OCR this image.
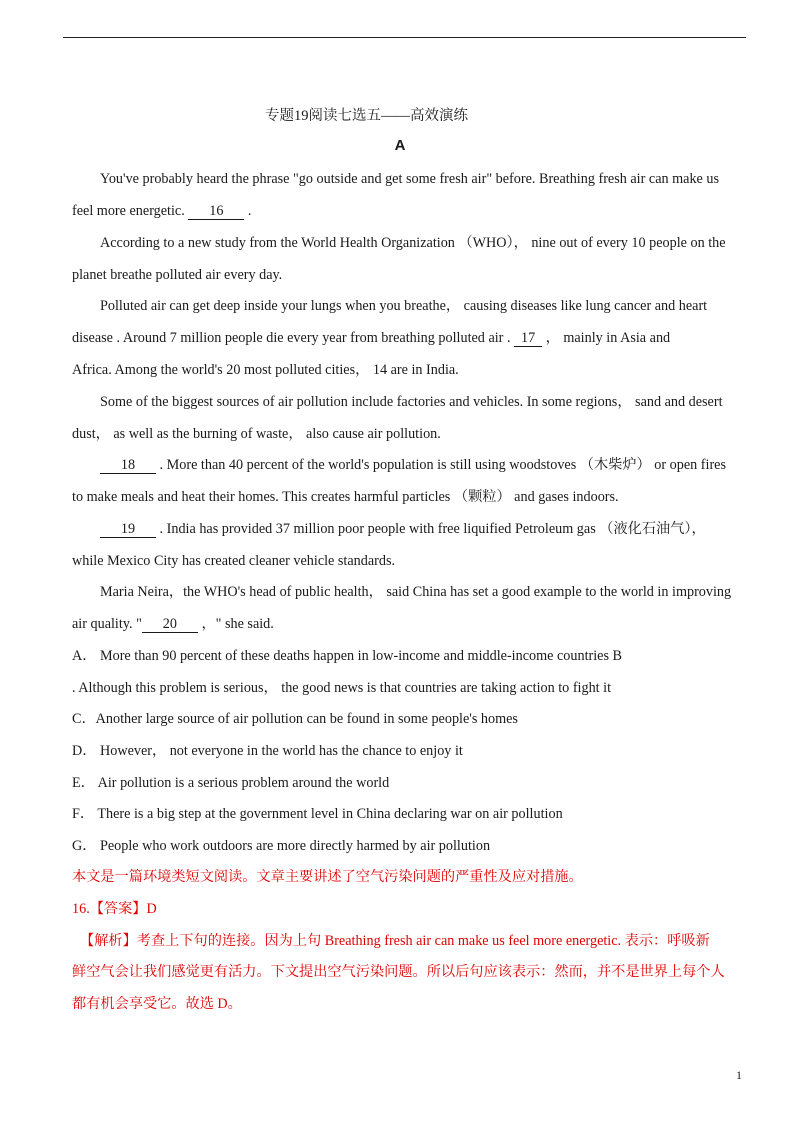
专题19阅读七选五——高效演练
A
You've probably heard the phrase "go outside and get some fresh air" before. Breathing fresh air can make us
feel more energetic. 16 .
According to a new study from the World Health Organization （WHO）， nine out of every 10 people on the
planet breathe polluted air every day.
Polluted air can get deep inside your lungs when you breathe， causing diseases like lung cancer and heart
disease . Around 7 million people die every year from breathing polluted air . 17 ， mainly in Asia and
Africa. Among the world's 20 most polluted cities， 14 are in India.
Some of the biggest sources of air pollution include factories and vehicles. In some regions， sand and desert
dust， as well as the burning of waste， also cause air pollution.
18 . More than 40 percent of the world's population is still using woodstoves （木柴炉） or open fires
to make meals and heat their homes. This creates harmful particles （颗粒） and gases indoors.
19 . India has provided 37 million poor people with free liquified Petroleum gas （液化石油气），
while Mexico City has created cleaner vehicle standards.
Maria Neira，the WHO's head of public health， said China has set a good example to the world in improving
air quality. " 20 ，" she said.
A． More than 90 percent of these deaths happen in low-income and middle-income countries B
. Although this problem is serious， the good news is that countries are taking action to fight it
C．Another large source of air pollution can be found in some people's homes
D． However， not everyone in the world has the chance to enjoy it
E． Air pollution is a serious problem around the world
F． There is a big step at the government level in China declaring war on air pollution
G． People who work outdoors are more directly harmed by air pollution
本文是一篇环境类短文阅读。文章主要讲述了空气污染问题的严重性及应对措施。
16.【答案】D
【解析】考查上下句的连接。因为上句 Breathing fresh air can make us feel more energetic. 表示：呼吸新
鲜空气会让我们感觉更有活力。下文提出空气污染问题。所以后句应该表示：然而，并不是世界上每个人
都有机会享受它。故选 D。
1
